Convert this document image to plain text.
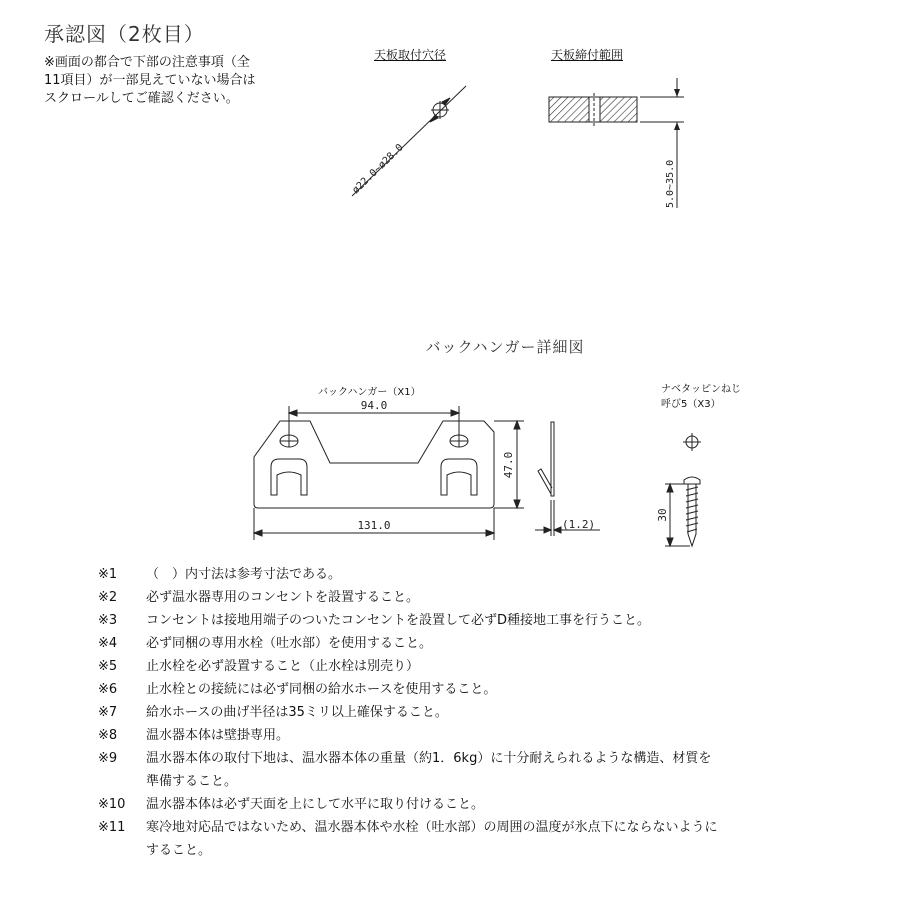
承認図（2枚目）
※画面の都合で下部の注意事項（全
11項目）が一部見えていない場合は
スクロールしてご確認ください。
天板取付穴径	天板締付範囲
ø22.0~ø28.0	5.0~35.0
94.0
131.0
47.0
(1.2)
30
バックハンガー詳細図
バックハンガー（X1）	ナベタッピンねじ
呼び5（X3）
※1 （　）内寸法は参考寸法である。
※2 必ず温水器専用のコンセントを設置すること。
※3 コンセントは接地用端子のついたコンセントを設置して必ずD種接地工事を行うこと。
※4 必ず同梱の専用水栓（吐水部）を使用すること。
※5 止水栓を必ず設置すること（止水栓は別売り）
※6 止水栓との接続には必ず同梱の給水ホースを使用すること。
※7 給水ホースの曲げ半径は35ミリ以上確保すること。
※8 温水器本体は壁掛専用。
※9 温水器本体の取付下地は、温水器本体の重量（約1．6kg）に十分耐えられるような構造、材質を
準備すること。
※10 温水器本体は必ず天面を上にして水平に取り付けること。
※11 寒冷地対応品ではないため、温水器本体や水栓（吐水部）の周囲の温度が氷点下にならないように
すること。
